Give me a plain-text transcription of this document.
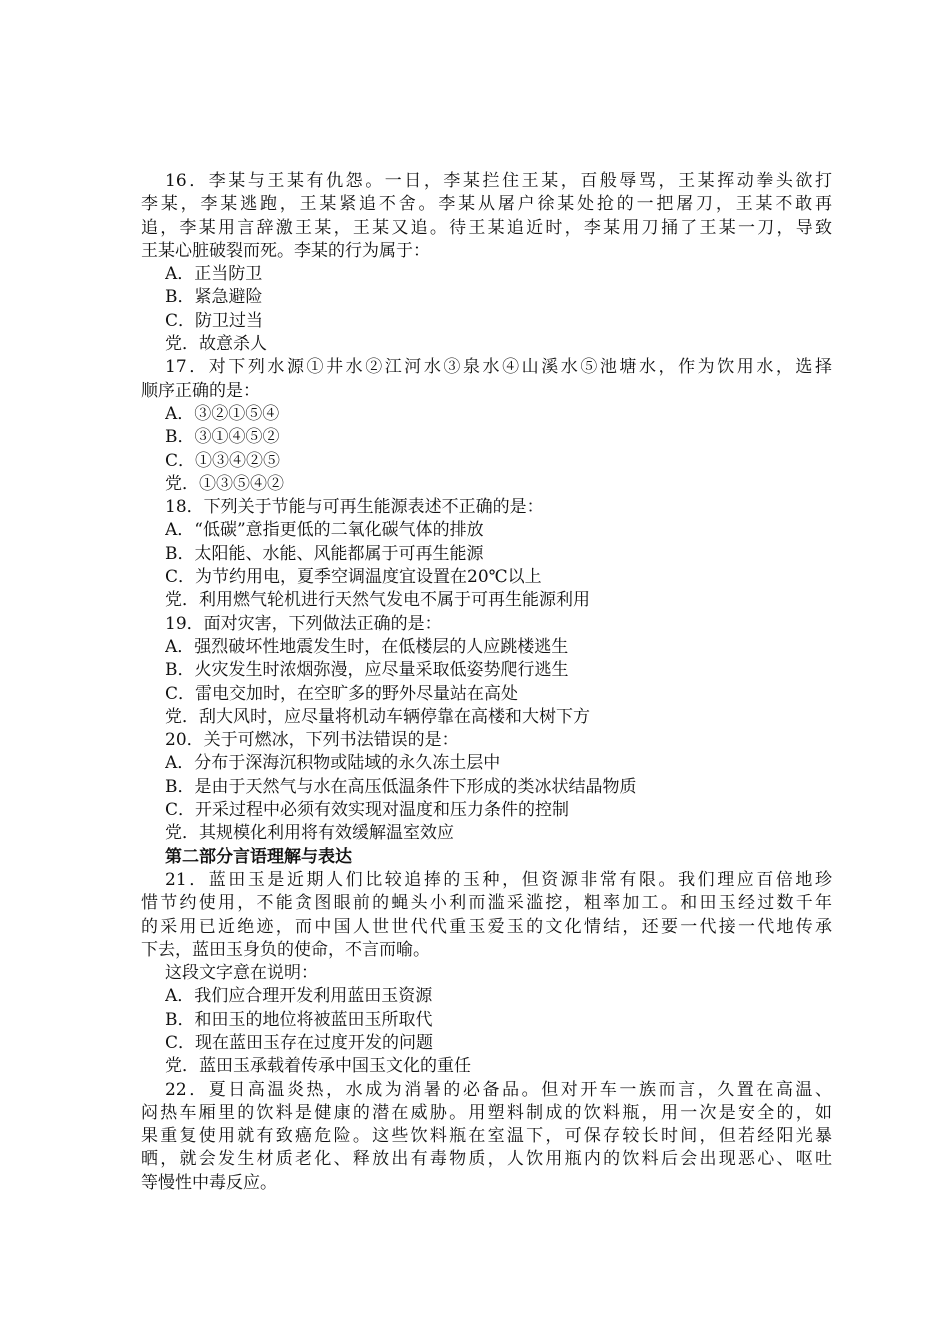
16．李某与王某有仇怨。一日，李某拦住王某，百般辱骂，王某挥动拳头欲打
李某，李某逃跑，王某紧追不舍。李某从屠户徐某处抢的一把屠刀，王某不敢再
追，李某用言辞激王某，王某又追。待王某追近时，李某用刀捅了王某一刀，导致
王某心脏破裂而死。李某的行为属于：
A．正当防卫
B．紧急避险
C．防卫过当
党．故意杀人
17．对下列水源①井水②江河水③泉水④山溪水⑤池塘水，作为饮用水，选择
顺序正确的是：
A．③②①⑤④
B．③①④⑤②
C．①③④②⑤
党．①③⑤④②
18．下列关于节能与可再生能源表述不正确的是：
A．“低碳”意指更低的二氧化碳气体的排放
B．太阳能、水能、风能都属于可再生能源
C．为节约用电，夏季空调温度宜设置在20℃以上
党．利用燃气轮机进行天然气发电不属于可再生能源利用
19．面对灾害，下列做法正确的是：
A．强烈破坏性地震发生时，在低楼层的人应跳楼逃生
B．火灾发生时浓烟弥漫，应尽量采取低姿势爬行逃生
C．雷电交加时，在空旷多的野外尽量站在高处
党．刮大风时，应尽量将机动车辆停靠在高楼和大树下方
20．关于可燃冰，下列书法错误的是：
A．分布于深海沉积物或陆域的永久冻土层中
B．是由于天然气与水在高压低温条件下形成的类冰状结晶物质
C．开采过程中必须有效实现对温度和压力条件的控制
党．其规模化利用将有效缓解温室效应
第二部分言语理解与表达
21．蓝田玉是近期人们比较追捧的玉种，但资源非常有限。我们理应百倍地珍
惜节约使用，不能贪图眼前的蝇头小利而滥采滥挖，粗率加工。和田玉经过数千年
的采用已近绝迹，而中国人世世代代重玉爱玉的文化情结，还要一代接一代地传承
下去，蓝田玉身负的使命，不言而喻。
这段文字意在说明：
A．我们应合理开发利用蓝田玉资源
B．和田玉的地位将被蓝田玉所取代
C．现在蓝田玉存在过度开发的问题
党．蓝田玉承载着传承中国玉文化的重任
22．夏日高温炎热，水成为消暑的必备品。但对开车一族而言，久置在高温、
闷热车厢里的饮料是健康的潜在威胁。用塑料制成的饮料瓶，用一次是安全的，如
果重复使用就有致癌危险。这些饮料瓶在室温下，可保存较长时间，但若经阳光暴
晒，就会发生材质老化、释放出有毒物质，人饮用瓶内的饮料后会出现恶心、呕吐
等慢性中毒反应。
